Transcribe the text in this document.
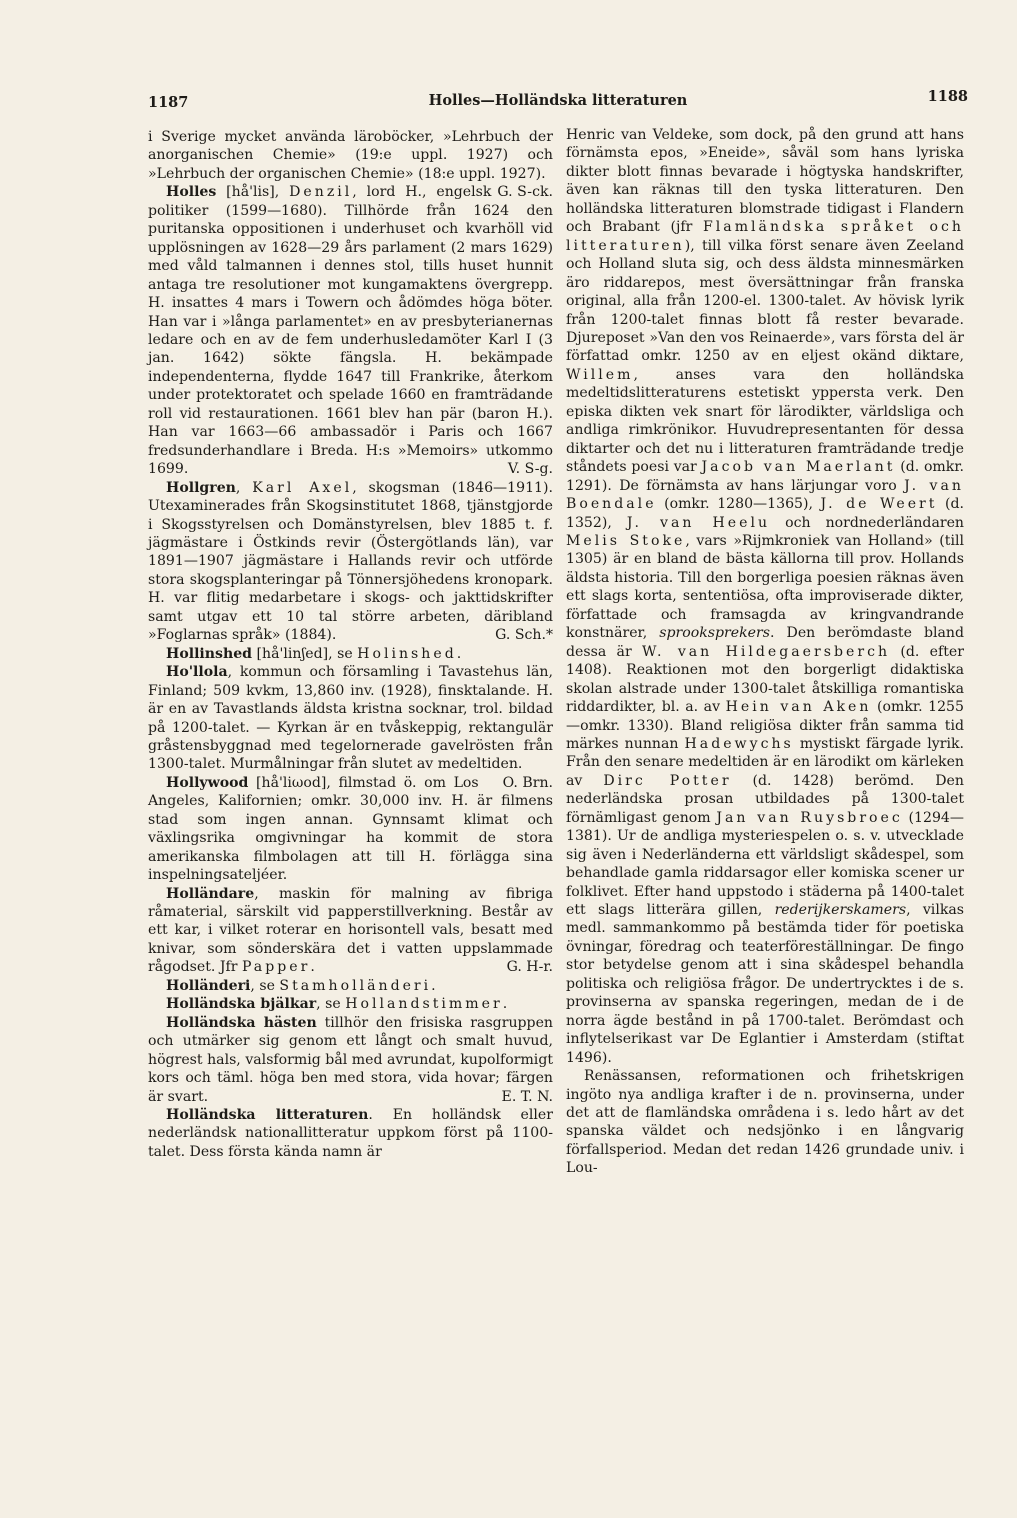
1187	Holles—Holländska litteraturen	1188

i Sverige mycket använda läroböcker, »Lehrbuch der anorganischen Chemie» (19:e uppl. 1927) och »Lehrbuch der organischen Chemie» (18:e uppl. 1927).
G. S-ck.

Holles [hå'lis], Denzil, lord H., engelsk politiker (1599—1680). Tillhörde från 1624 den puritanska oppositionen i underhuset och kvarhöll vid upplösningen av 1628—29 års parlament (2 mars 1629) med våld talmannen i dennes stol, tills huset hunnit antaga tre resolutioner mot kungamaktens övergrepp. H. insattes 4 mars i Towern och ådömdes höga böter. Han var i »långa parlamentet» en av presbyterianernas ledare och en av de fem underhusledamöter Karl I (3 jan. 1642) sökte fängsla. H. bekämpade independenterna, flydde 1647 till Frankrike, återkom under protektoratet och spelade 1660 en framträdande roll vid restaurationen. 1661 blev han pär (baron H.). Han var 1663—66 ambassadör i Paris och 1667 fredsunderhandlare i Breda. H:s »Memoirs» utkommo 1699.	V. S-g.

Hollgren, Karl Axel, skogsman (1846—1911). Utexaminerades från Skogsinstitutet 1868, tjänstgjorde i Skogsstyrelsen och Domänstyrelsen, blev 1885 t. f. jägmästare i Östkinds revir (Östergötlands län), var 1891—1907 jägmästare i Hallands revir och utförde stora skogsplanteringar på Tönnersjöhedens kronopark. H. var flitig medarbetare i skogs- och jakttidskrifter samt utgav ett 10 tal större arbeten, däribland »Foglarnas språk» (1884).	G. Sch.*

Hollinshed [hå'linʃed], se Holinshed.

Ho'llola, kommun och församling i Tavastehus län, Finland; 509 kvkm, 13,860 inv. (1928), finsktalande. H. är en av Tavastlands äldsta kristna socknar, trol. bildad på 1200-talet. — Kyrkan är en tvåskeppig, rektangulär gråstensbyggnad med tegelornerade gavelrösten från 1300-talet. Murmålningar från slutet av medeltiden.
O. Brn.

Hollywood [hå'liωod], filmstad ö. om Los Angeles, Kalifornien; omkr. 30,000 inv. H. är filmens stad som ingen annan. Gynnsamt klimat och växlingsrika omgivningar ha kommit de stora amerikanska filmbolagen att till H. förlägga sina inspelningsateljéer.

Holländare, maskin för malning av fibriga råmaterial, särskilt vid papperstillverkning. Består av ett kar, i vilket roterar en horisontell vals, besatt med knivar, som sönderskära det i vatten uppslammade rågodset. Jfr Papper.	G. H-r.

Holländeri, se Stamholländeri.

Holländska bjälkar, se Hollandstimmer.

Holländska hästen tillhör den frisiska rasgruppen och utmärker sig genom ett långt och smalt huvud, högrest hals, valsformig bål med avrundat, kupolformigt kors och täml. höga ben med stora, vida hovar; färgen är svart.	E. T. N.

Holländska litteraturen. En holländsk eller nederländsk nationallitteratur uppkom först på 1100-talet. Dess första kända namn är

Henric van Veldeke, som dock, på den grund att hans förnämsta epos, »Eneide», såväl som hans lyriska dikter blott finnas bevarade i högtyska handskrifter, även kan räknas till den tyska litteraturen. Den holländska litteraturen blomstrade tidigast i Flandern och Brabant (jfr Flamländska språket och litteraturen), till vilka först senare även Zeeland och Holland sluta sig, och dess äldsta minnesmärken äro riddarepos, mest översättningar från franska original, alla från 1200-el. 1300-talet. Av hövisk lyrik från 1200-talet finnas blott få rester bevarade. Djureposet »Van den vos Reinaerde», vars första del är författad omkr. 1250 av en eljest okänd diktare, Willem, anses vara den holländska medeltidslitteraturens estetiskt yppersta verk. Den episka dikten vek snart för lärodikter, världsliga och andliga rimkrönikor. Huvudrepresentanten för dessa diktarter och det nu i litteraturen framträdande tredje ståndets poesi var Jacob van Maerlant (d. omkr. 1291). De förnämsta av hans lärjungar voro J. van Boendale (omkr. 1280—1365), J. de Weert (d. 1352), J. van Heelu och nordnederländaren Melis Stoke, vars »Rijmkroniek van Holland» (till 1305) är en bland de bästa källorna till prov. Hollands äldsta historia. Till den borgerliga poesien räknas även ett slags korta, sententiösa, ofta improviserade dikter, författade och framsagda av kringvandrande konstnärer, sprooksprekers. Den berömdaste bland dessa är W. van Hildegaersberch (d. efter 1408). Reaktionen mot den borgerligt didaktiska skolan alstrade under 1300-talet åtskilliga romantiska riddardikter, bl. a. av Hein van Aken (omkr. 1255—omkr. 1330). Bland religiösa dikter från samma tid märkes nunnan Hadewychs mystiskt färgade lyrik. Från den senare medeltiden är en lärodikt om kärleken av Dirc Potter (d. 1428) berömd. Den nederländska prosan utbildades på 1300-talet förnämligast genom Jan van Ruysbroec (1294—1381). Ur de andliga mysteriespelen o. s. v. utvecklade sig även i Nederländerna ett världsligt skådespel, som behandlade gamla riddarsagor eller komiska scener ur folklivet. Efter hand uppstodo i städerna på 1400-talet ett slags litterära gillen, rederijkerskamers, vilkas medl. sammankommo på bestämda tider för poetiska övningar, föredrag och teaterföreställningar. De fingo stor betydelse genom att i sina skådespel behandla politiska och religiösa frågor. De undertrycktes i de s. provinserna av spanska regeringen, medan de i de norra ägde bestånd in på 1700-talet. Berömdast och inflytelserikast var De Eglantier i Amsterdam (stiftat 1496).

Renässansen, reformationen och frihetskrigen ingöto nya andliga krafter i de n. provinserna, under det att de flamländska områdena i s. ledo hårt av det spanska väldet och nedsjönko i en långvarig förfallsperiod. Medan det redan 1426 grundade univ. i Lou-
